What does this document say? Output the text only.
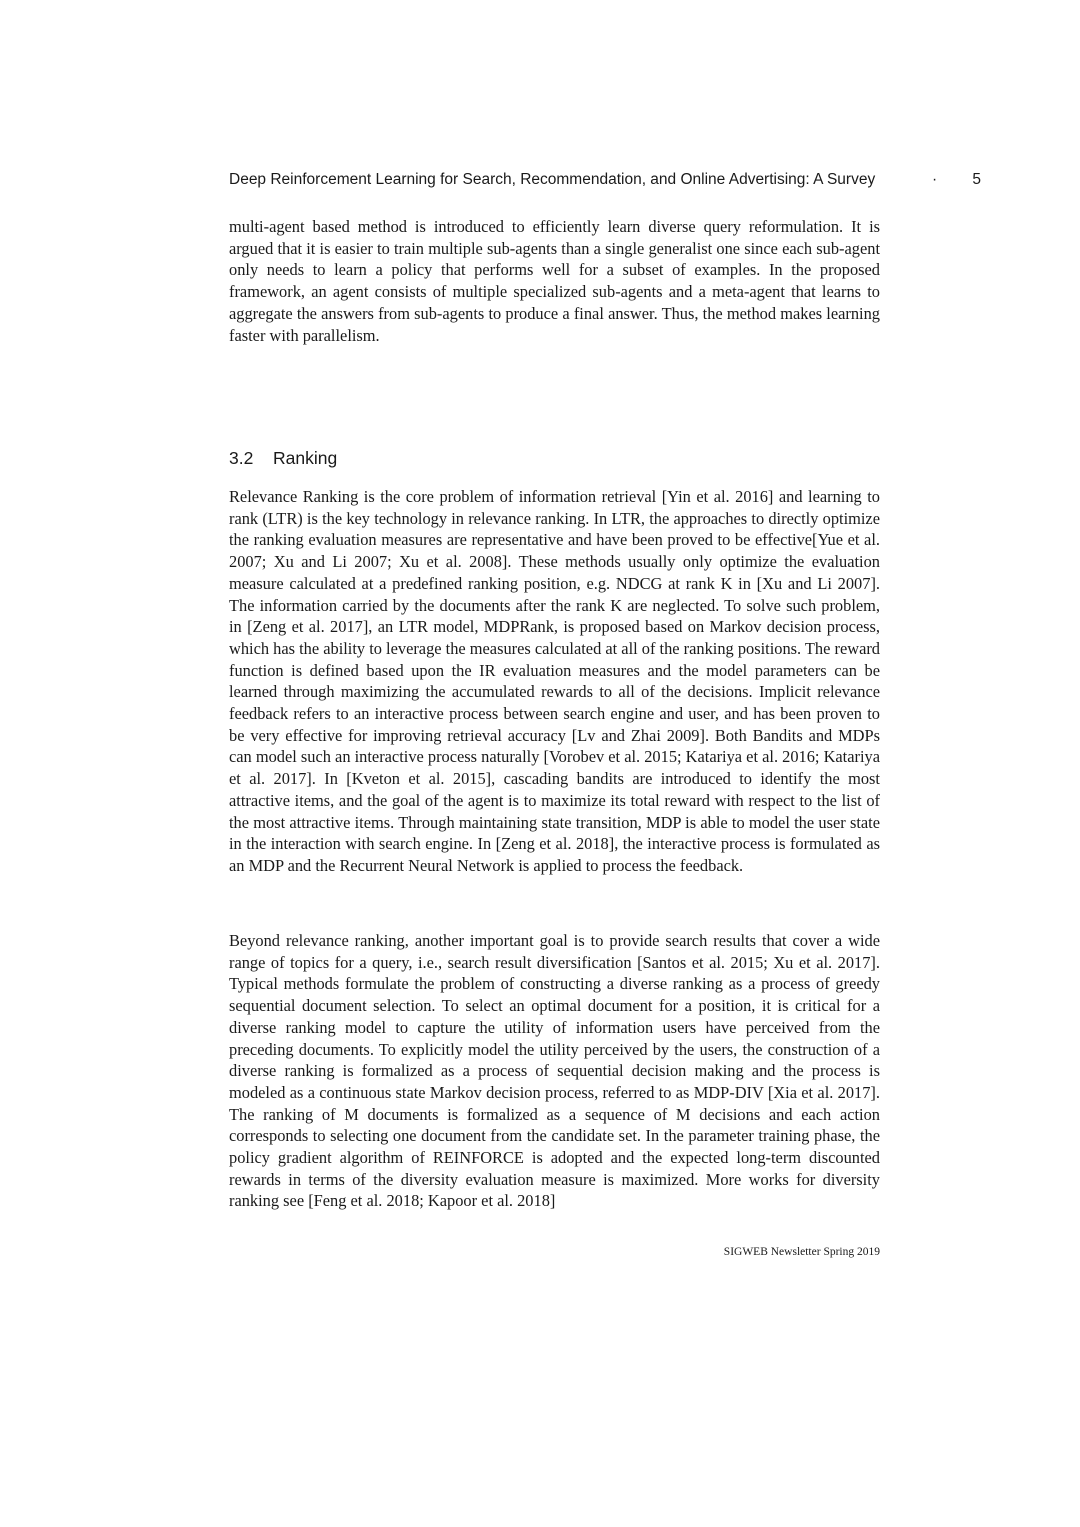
Deep Reinforcement Learning for Search, Recommendation, and Online Advertising: A Survey	· 5

multi-agent based method is introduced to efficiently learn diverse query reformulation. It is argued that it is easier to train multiple sub-agents than a single generalist one since each sub-agent only needs to learn a policy that performs well for a subset of examples. In the proposed framework, an agent consists of multiple specialized sub-agents and a meta-agent that learns to aggregate the answers from sub-agents to produce a final answer. Thus, the method makes learning faster with parallelism.

3.2 Ranking

Relevance Ranking is the core problem of information retrieval [Yin et al. 2016] and learning to rank (LTR) is the key technology in relevance ranking. In LTR, the approaches to directly optimize the ranking evaluation measures are representative and have been proved to be effective[Yue et al. 2007; Xu and Li 2007; Xu et al. 2008]. These methods usually only optimize the evaluation measure calculated at a predefined ranking position, e.g. NDCG at rank K in [Xu and Li 2007]. The information carried by the documents after the rank K are neglected. To solve such problem, in [Zeng et al. 2017], an LTR model, MDPRank, is proposed based on Markov decision process, which has the ability to leverage the measures calculated at all of the ranking positions. The reward function is defined based upon the IR evaluation measures and the model parameters can be learned through maximizing the accumulated rewards to all of the decisions. Implicit relevance feedback refers to an interactive process between search engine and user, and has been proven to be very effective for improving retrieval accuracy [Lv and Zhai 2009]. Both Bandits and MDPs can model such an interactive process naturally [Vorobev et al. 2015; Katariya et al. 2016; Katariya et al. 2017]. In [Kveton et al. 2015], cascading bandits are introduced to identify the most attractive items, and the goal of the agent is to maximize its total reward with respect to the list of the most attractive items. Through maintaining state transition, MDP is able to model the user state in the interaction with search engine. In [Zeng et al. 2018], the interactive process is formulated as an MDP and the Recurrent Neural Network is applied to process the feedback.

Beyond relevance ranking, another important goal is to provide search results that cover a wide range of topics for a query, i.e., search result diversification [Santos et al. 2015; Xu et al. 2017]. Typical methods formulate the problem of constructing a diverse ranking as a process of greedy sequential document selection. To select an optimal document for a position, it is critical for a diverse ranking model to capture the utility of information users have perceived from the preceding documents. To explicitly model the utility perceived by the users, the construction of a diverse ranking is formalized as a process of sequential decision making and the process is modeled as a continuous state Markov decision process, referred to as MDP-DIV [Xia et al. 2017]. The ranking of M documents is formalized as a sequence of M decisions and each action corresponds to selecting one document from the candidate set. In the parameter training phase, the policy gradient algorithm of REINFORCE is adopted and the expected long-term discounted rewards in terms of the diversity evaluation measure is maximized. More works for diversity ranking see [Feng et al. 2018; Kapoor et al. 2018]

SIGWEB Newsletter Spring 2019
